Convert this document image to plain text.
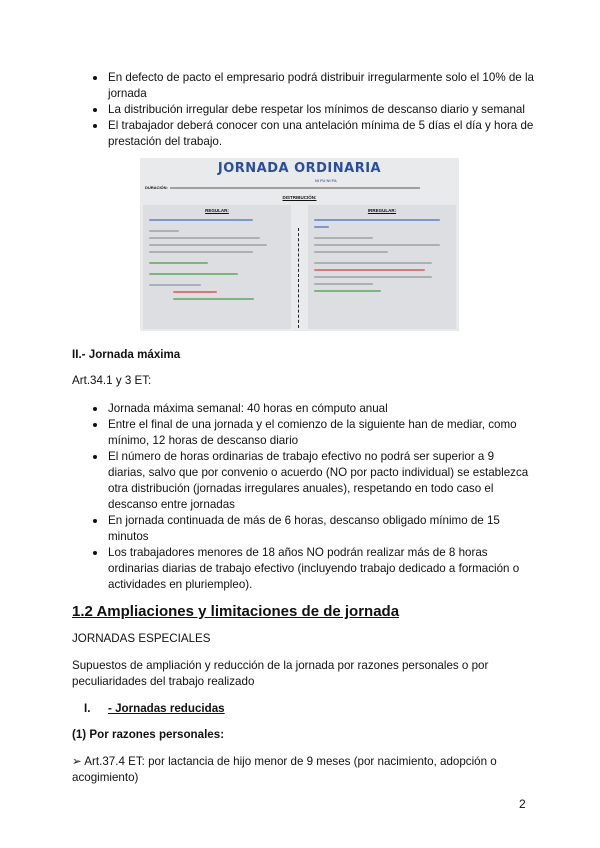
En defecto de pacto el empresario podrá distribuir irregularmente solo el 10% de la jornada
La distribución irregular debe respetar los mínimos de descanso diario y semanal
El trabajador deberá conocer con una antelación mínima de 5 días el día y hora de prestación del trabajo.
JORNADA ORDINARIA
NI FU NI FA
DURACIÓN:
DISTRIBUCIÓN:
REGULAR:	IRREGULAR:
II.- Jornada máxima
Art.34.1 y 3 ET:
Jornada máxima semanal: 40 horas en cómputo anual
Entre el final de una jornada y el comienzo de la siguiente han de mediar, como mínimo, 12 horas de descanso diario
El número de horas ordinarias de trabajo efectivo no podrá ser superior a 9 diarias, salvo que por convenio o acuerdo (NO por pacto individual) se establezca otra distribución (jornadas irregulares anuales), respetando en todo caso el descanso entre jornadas
En jornada continuada de más de 6 horas, descanso obligado mínimo de 15 minutos
Los trabajadores menores de 18 años NO podrán realizar más de 8 horas ordinarias diarias de trabajo efectivo (incluyendo trabajo dedicado a formación o actividades en pluriempleo).
1.2 Ampliaciones y limitaciones de de jornada
JORNADAS ESPECIALES
Supuestos de ampliación y reducción de la jornada por razones personales o por peculiaridades del trabajo realizado
I.	- Jornadas reducidas
(1) Por razones personales:
➢ Art.37.4 ET: por lactancia de hijo menor de 9 meses (por nacimiento, adopción o acogimiento)
2
